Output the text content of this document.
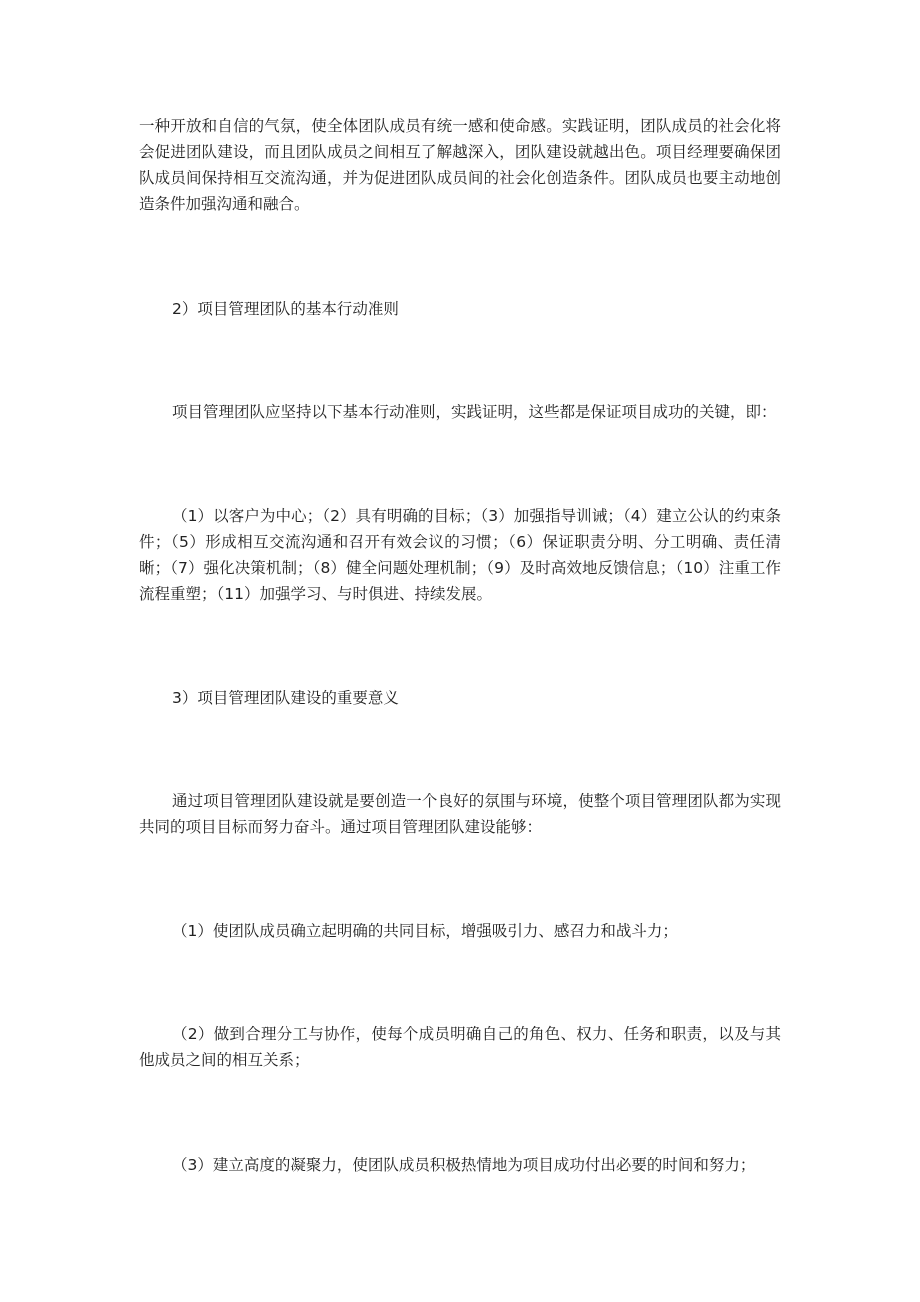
一种开放和自信的气氛，使全体团队成员有统一感和使命感。实践证明，团队成员的社会化将会促进团队建设，而且团队成员之间相互了解越深入，团队建设就越出色。项目经理要确保团队成员间保持相互交流沟通，并为促进团队成员间的社会化创造条件。团队成员也要主动地创造条件加强沟通和融合。

2）项目管理团队的基本行动准则

项目管理团队应坚持以下基本行动准则，实践证明，这些都是保证项目成功的关键，即：

（1）以客户为中心；（2）具有明确的目标；（3）加强指导训诫；（4）建立公认的约束条件；（5）形成相互交流沟通和召开有效会议的习惯；（6）保证职责分明、分工明确、责任清晰；（7）强化决策机制；（8）健全问题处理机制；（9）及时高效地反馈信息；（10）注重工作流程重塑；（11）加强学习、与时俱进、持续发展。

3）项目管理团队建设的重要意义

通过项目管理团队建设就是要创造一个良好的氛围与环境，使整个项目管理团队都为实现共同的项目目标而努力奋斗。通过项目管理团队建设能够：

（1）使团队成员确立起明确的共同目标，增强吸引力、感召力和战斗力；

（2）做到合理分工与协作，使每个成员明确自己的角色、权力、任务和职责，以及与其他成员之间的相互关系；

（3）建立高度的凝聚力，使团队成员积极热情地为项目成功付出必要的时间和努力；
